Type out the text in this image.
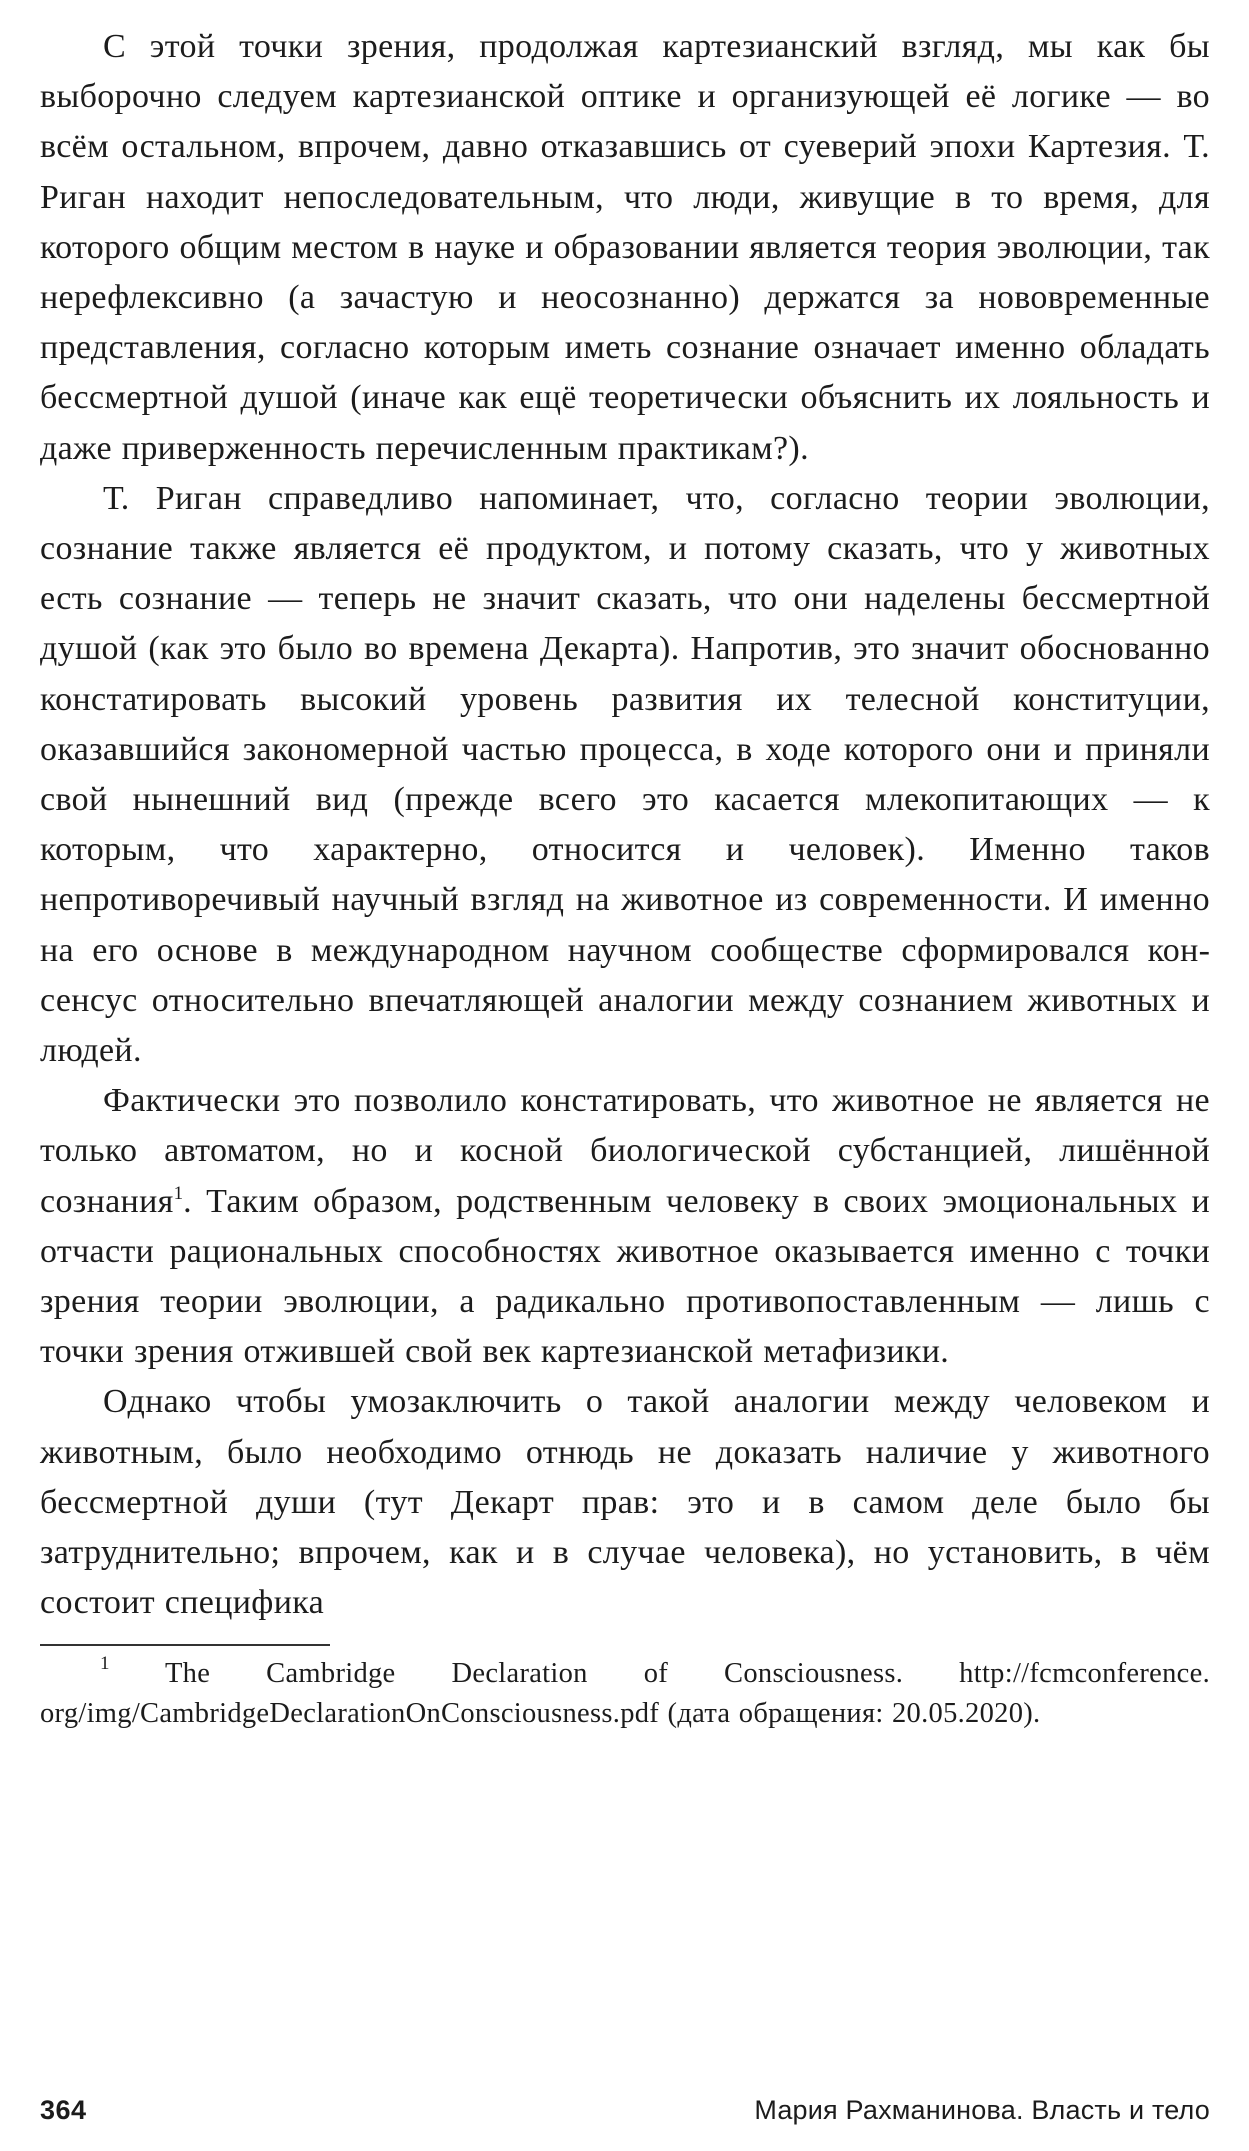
С этой точки зрения, продолжая картезианский взгляд, мы как бы выборочно следуем картезианской оптике и организующей её логике — во всём остальном, впрочем, давно отказавшись от суеверий эпохи Картезия. Т. Риган находит непоследовательным, что люди, живущие в то время, для которого общим местом в науке и образовании является теория эволюции, так нерефлексивно (а зачастую и неосознанно) держатся за нововременные представления, согласно которым иметь сознание означает именно обладать бессмертной душой (иначе как ещё теоретически объяснить их лояльность и даже приверженность перечисленным практикам?).

Т. Риган справедливо напоминает, что, согласно теории эволюции, сознание также является её продуктом, и потому сказать, что у животных есть сознание — теперь не значит сказать, что они наделены бессмертной душой (как это было во времена Декарта). Напротив, это значит обоснованно констатировать высокий уровень развития их телесной конституции, оказавшийся закономерной частью процесса, в ходе которого они и приняли свой нынешний вид (прежде всего это касается млекопитающих — к которым, что характерно, относится и человек). Именно таков непротиворечивый научный взгляд на животное из современности. И именно на его основе в международном научном сообществе сформировался консенсус относительно впечатляющей аналогии между сознанием животных и людей.

Фактически это позволило констатировать, что животное не является не только автоматом, но и косной биологической субстанцией, лишённой сознания$^1$. Таким образом, родственным человеку в своих эмоциональных и отчасти рациональных способностях животное оказывается именно с точки зрения теории эволюции, а радикально противопоставленным — лишь с точки зрения отжившей свой век картезианской метафизики.

Однако чтобы умозаключить о такой аналогии между человеком и животным, было необходимо отнюдь не доказать наличие у животного бессмертной души (тут Декарт прав: это и в самом деле было бы затруднительно; впрочем, как и в случае человека), но установить, в чём состоит специфика

$^1$ The Cambridge Declaration of Consciousness. http://fcmconference.​org/img/CambridgeDeclarationOnConsciousness.pdf (дата обращения: 20.05.2020).

364	Мария Рахманинова. Власть и тело
